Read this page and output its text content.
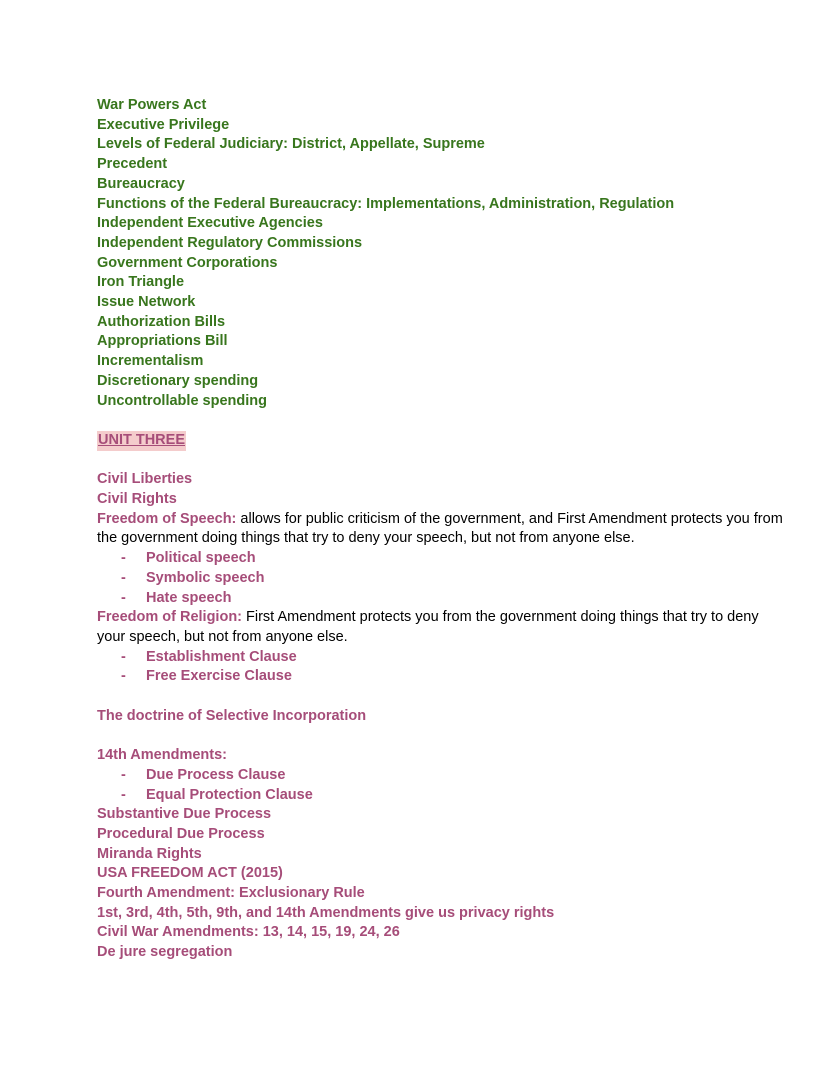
War Powers Act
Executive Privilege
Levels of Federal Judiciary: District, Appellate, Supreme
Precedent
Bureaucracy
Functions of the Federal Bureaucracy: Implementations, Administration, Regulation
Independent Executive Agencies
Independent Regulatory Commissions
Government Corporations
Iron Triangle
Issue Network
Authorization Bills
Appropriations Bill
Incrementalism
Discretionary spending
Uncontrollable spending
UNIT THREE
Civil Liberties
Civil Rights
Freedom of Speech: allows for public criticism of the government, and First Amendment protects you from the government doing things that try to deny your speech, but not from anyone else.
- Political speech
- Symbolic speech
- Hate speech
Freedom of Religion: First Amendment protects you from the government doing things that try to deny your speech, but not from anyone else.
- Establishment Clause
- Free Exercise Clause
The doctrine of Selective Incorporation
14th Amendments:
- Due Process Clause
- Equal Protection Clause
Substantive Due Process
Procedural Due Process
Miranda Rights
USA FREEDOM ACT (2015)
Fourth Amendment: Exclusionary Rule
1st, 3rd, 4th, 5th, 9th, and 14th Amendments give us privacy rights
Civil War Amendments: 13, 14, 15, 19, 24, 26
De jure segregation
